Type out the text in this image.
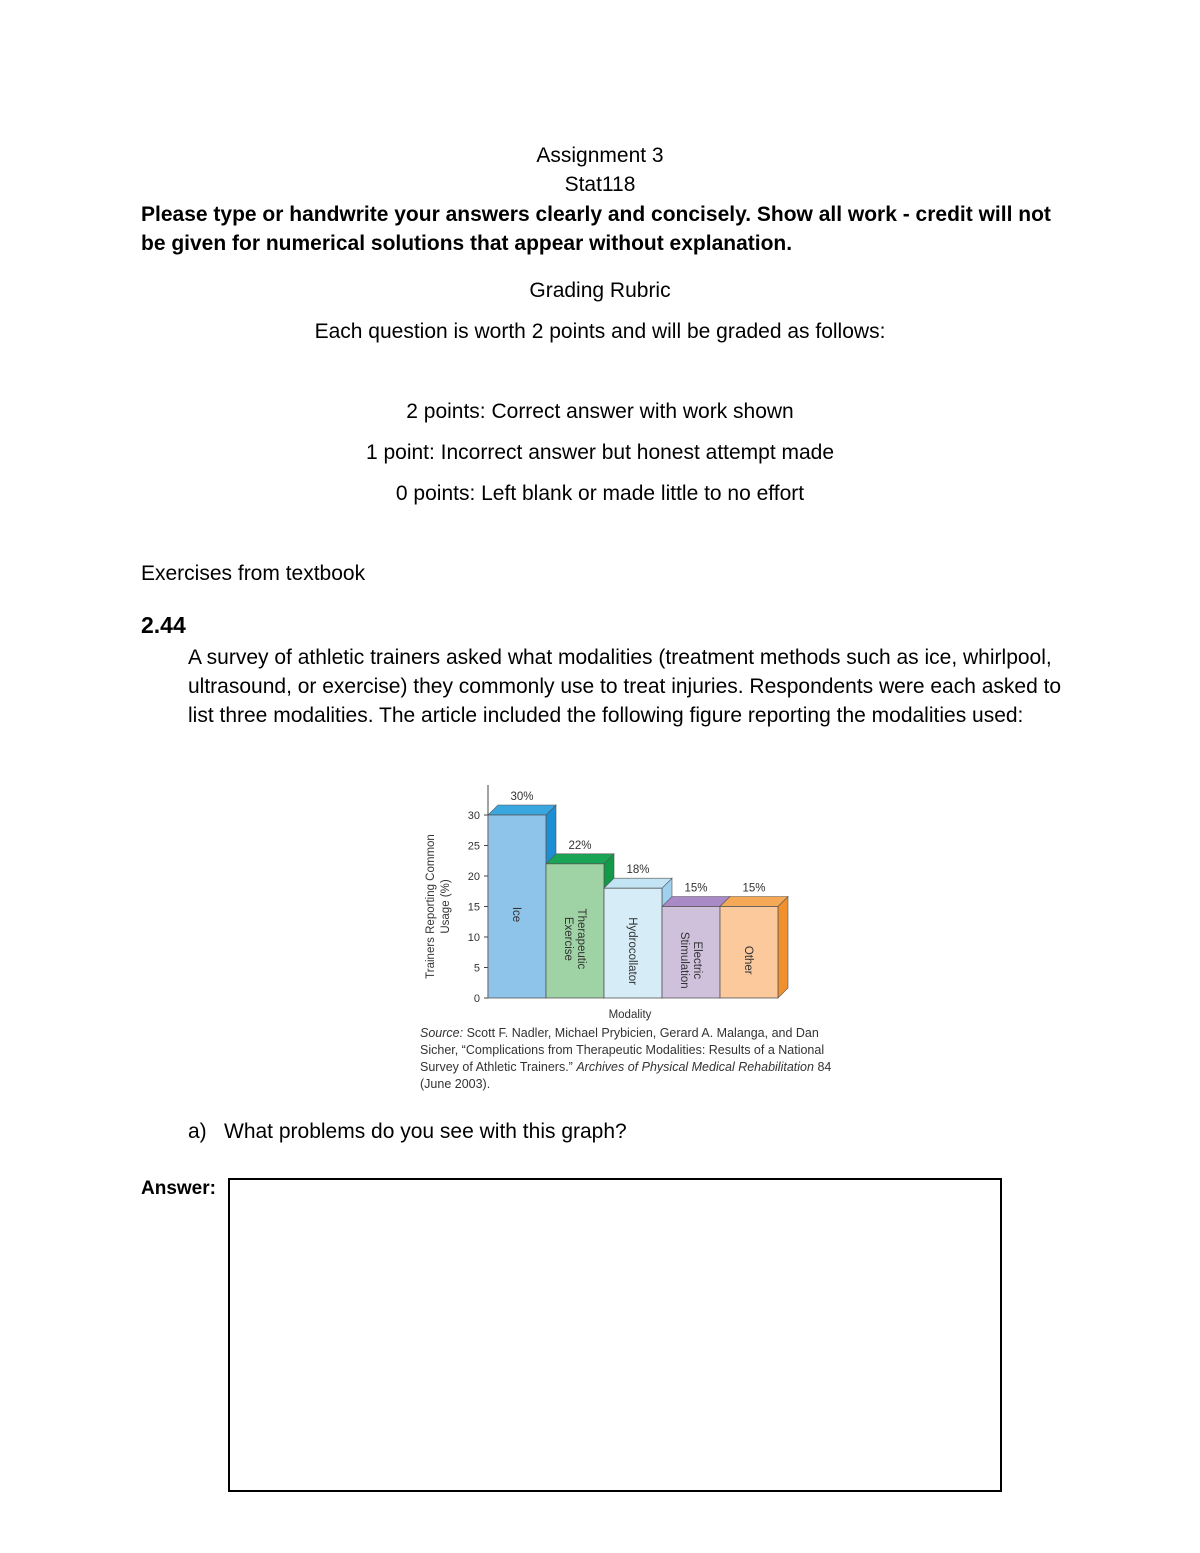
Assignment 3
Stat118
Please type or handwrite your answers clearly and concisely. Show all work - credit will not be given for numerical solutions that appear without explanation.
Grading Rubric
Each question is worth 2 points and will be graded as follows:
2 points: Correct answer with work shown
1 point: Incorrect answer but honest attempt made
0 points: Left blank or made little to no effort
Exercises from textbook
2.44
A survey of athletic trainers asked what modalities (treatment methods such as ice, whirlpool, ultrasound, or exercise) they commonly use to treat injuries. Respondents were each asked to list three modalities. The article included the following figure reporting the modalities used:
0
5
10
15
20
25
30
Trainers Reporting Common Usage (%)
Modality
Ice
30%
TherapeuticExercise
22%
Hydrocollator
18%
ElectricStimulation
15%
Other
15%
Source: Scott F. Nadler, Michael Prybicien, Gerard A. Malanga, and Dan Sicher, “Complications from Therapeutic Modalities: Results of a National Survey of Athletic Trainers.” Archives of Physical Medical Rehabilitation 84 (June 2003).
a) What problems do you see with this graph?
Answer:
